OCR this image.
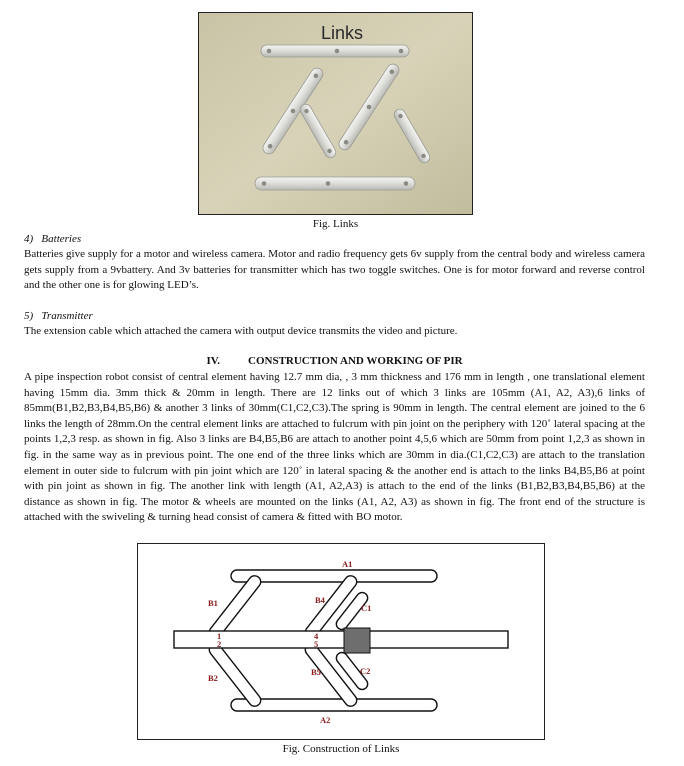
Links
Fig. Links
4)   Batteries

Batteries give supply for a motor and wireless camera. Motor and radio frequency gets 6v supply from the central body and wireless camera gets supply from a 9vbattery. And 3v batteries for transmitter which has two toggle switches. One is for motor forward and reverse control and the other one is for glowing LED’s.

5)   Transmitter

The extension cable which attached the camera with output device transmits the video and picture.

IV.	CONSTRUCTION AND WORKING OF PIR

A pipe inspection robot consist of central element having 12.7 mm dia, , 3 mm thickness and 176 mm in length , one translational element having 15mm dia. 3mm thick & 20mm in length. There are 12 links out of which 3 links are 105mm (A1, A2, A3),6 links of 85mm(B1,B2,B3,B4,B5,B6) & another 3 links of 30mm(C1,C2,C3).The spring is 90mm in length. The central element are joined to the 6 links the length of 28mm.On the central element links are attached to fulcrum with pin joint on the periphery with 120˚ lateral spacing at the points 1,2,3 resp. as shown in fig. Also 3 links are B4,B5,B6 are attach to another point 4,5,6 which are 50mm from point 1,2,3 as shown in fig. in the same way as in previous point. The one end of the three links which are 30mm in dia.(C1,C2,C3) are attach to the translation element in outer side to fulcrum with pin joint which are 120˚ in lateral spacing & the another end is attach to the links B4,B5,B6 at point with pin joint as shown in fig. The another link with length (A1, A2,A3) is attach to the end of the links (B1,B2,B3,B4,B5,B6) at the distance as shown in fig. The motor & wheels are mounted on the links (A1, A2, A3) as shown in fig. The front end of the structure is attached with the swiveling & turning head consist of camera & fitted with BO motor.

A1
A2
B1
B2
B4
B5
C1
C2
1
2
4
5
Fig. Construction of Links
